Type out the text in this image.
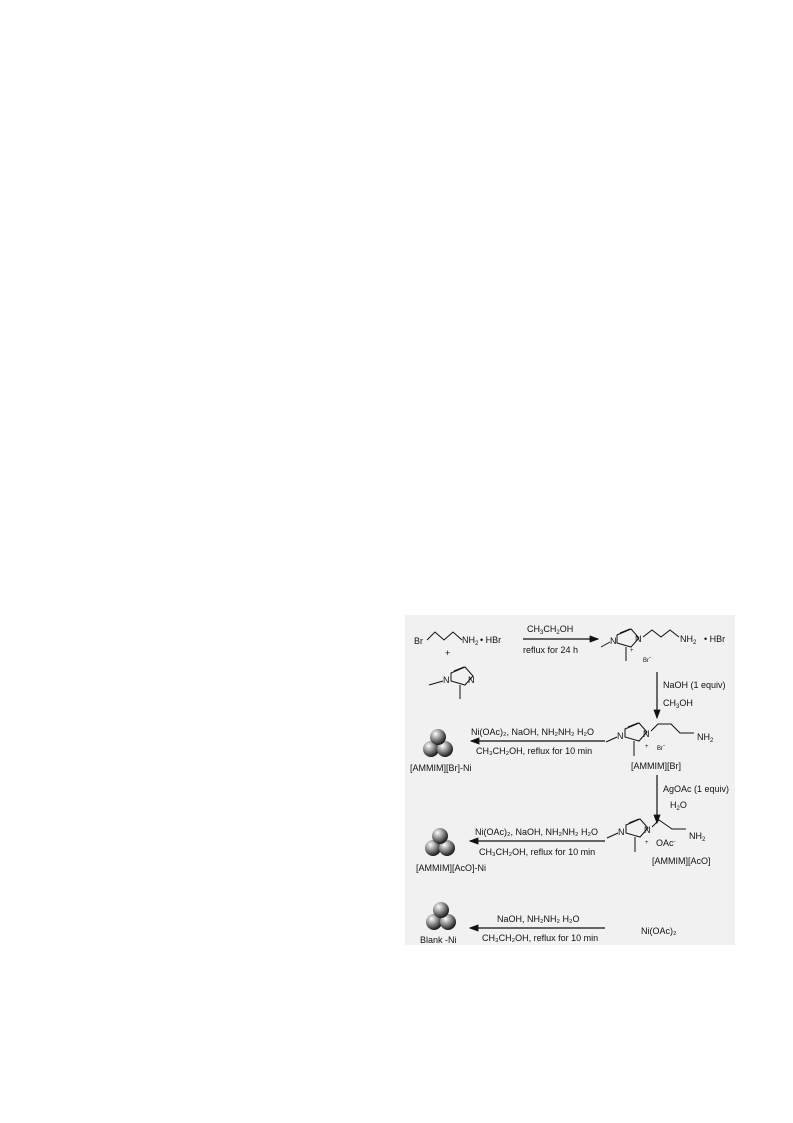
Br	$NH_2$ • HBr
+
N N
$CH_3CH_2OH$
reflux for 24 h
N N
+
$NH_2$ • HBr
Br-
NaOH (1 equiv)
$CH_3OH$
N N
+
$NH_2$
Br-
[AMMIM][Br]
Ni(OAc)₂, NaOH, NH₂NH₂ H₂O
CH₃CH₂OH, reflux for 10 min
[AMMIM][Br]-Ni
AgOAc (1 equiv)
$H_2O$
N N
+
$NH_2$
OAc-
[AMMIM][AcO]
Ni(OAc)₂, NaOH, NH₂NH₂ H₂O
CH₃CH₂OH, reflux for 10 min
[AMMIM][AcO]-Ni
NaOH, NH₂NH₂ H₂O
CH₃CH₂OH, reflux for 10 min
Ni(OAc)₂
Blank -Ni
